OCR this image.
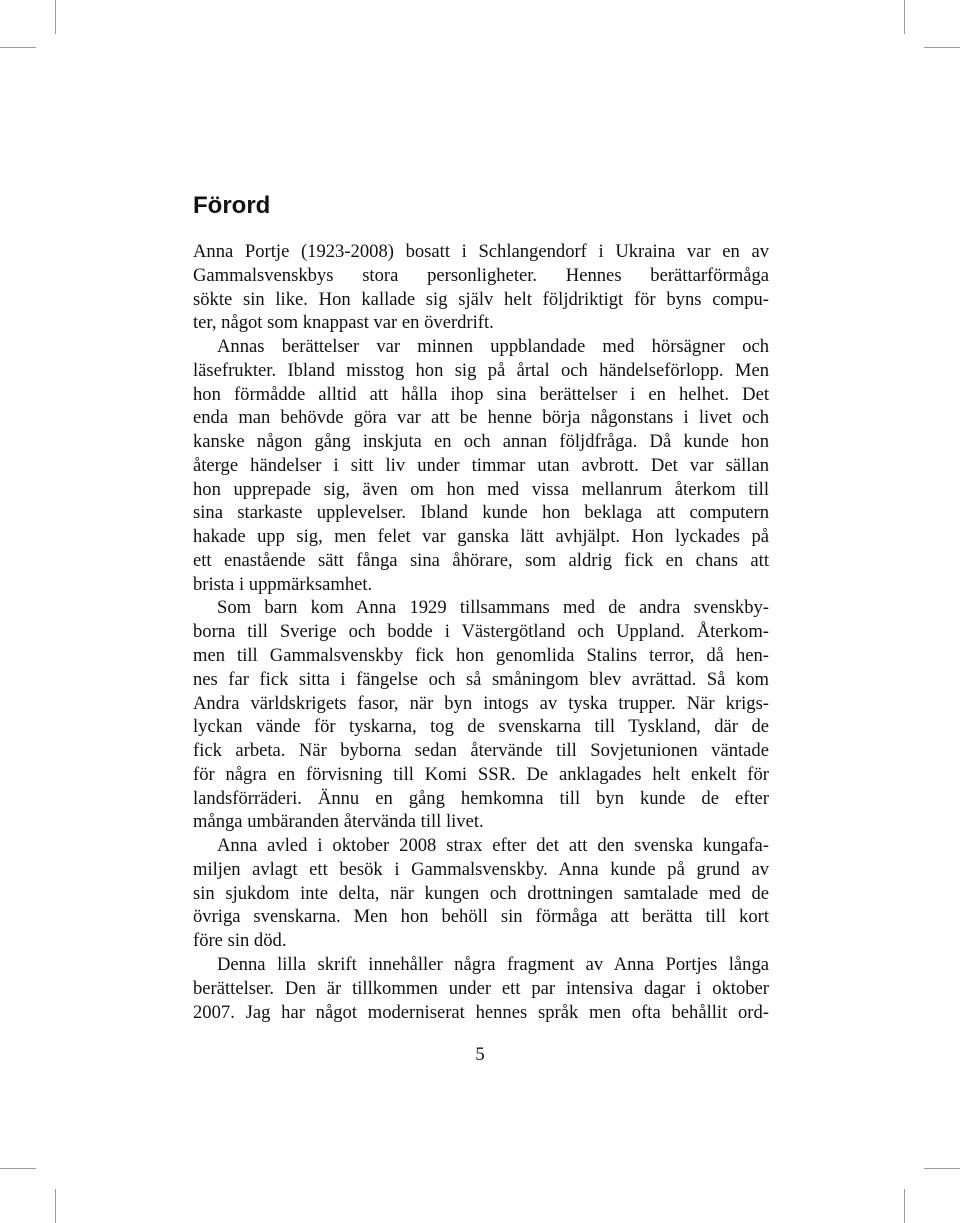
Förord
Anna Portje (1923-2008) bosatt i Schlangendorf i Ukraina var en av
Gammalsvenskbys stora personligheter. Hennes berättarförmåga
sökte sin like. Hon kallade sig själv helt följdriktigt för byns compu-
ter, något som knappast var en överdrift.
Annas berättelser var minnen uppblandade med hörsägner och
läsefrukter. Ibland misstog hon sig på årtal och händelseförlopp. Men
hon förmådde alltid att hålla ihop sina berättelser i en helhet. Det
enda man behövde göra var att be henne börja någonstans i livet och
kanske någon gång inskjuta en och annan följdfråga. Då kunde hon
återge händelser i sitt liv under timmar utan avbrott. Det var sällan
hon upprepade sig, även om hon med vissa mellanrum återkom till
sina starkaste upplevelser. Ibland kunde hon beklaga att computern
hakade upp sig, men felet var ganska lätt avhjälpt. Hon lyckades på
ett enastående sätt fånga sina åhörare, som aldrig fick en chans att
brista i uppmärksamhet.
Som barn kom Anna 1929 tillsammans med de andra svenskby-
borna till Sverige och bodde i Västergötland och Uppland. Återkom-
men till Gammalsvenskby fick hon genomlida Stalins terror, då hen-
nes far fick sitta i fängelse och så småningom blev avrättad. Så kom
Andra världskrigets fasor, när byn intogs av tyska trupper. När krigs-
lyckan vände för tyskarna, tog de svenskarna till Tyskland, där de
fick arbeta. När byborna sedan återvände till Sovjetunionen väntade
för några en förvisning till Komi SSR. De anklagades helt enkelt för
landsförräderi. Ännu en gång hemkomna till byn kunde de efter
många umbäranden återvända till livet.
Anna avled i oktober 2008 strax efter det att den svenska kungafa-
miljen avlagt ett besök i Gammalsvenskby. Anna kunde på grund av
sin sjukdom inte delta, när kungen och drottningen samtalade med de
övriga svenskarna. Men hon behöll sin förmåga att berätta till kort
före sin död.
Denna lilla skrift innehåller några fragment av Anna Portjes långa
berättelser. Den är tillkommen under ett par intensiva dagar i oktober
2007. Jag har något moderniserat hennes språk men ofta behållit ord-
5
